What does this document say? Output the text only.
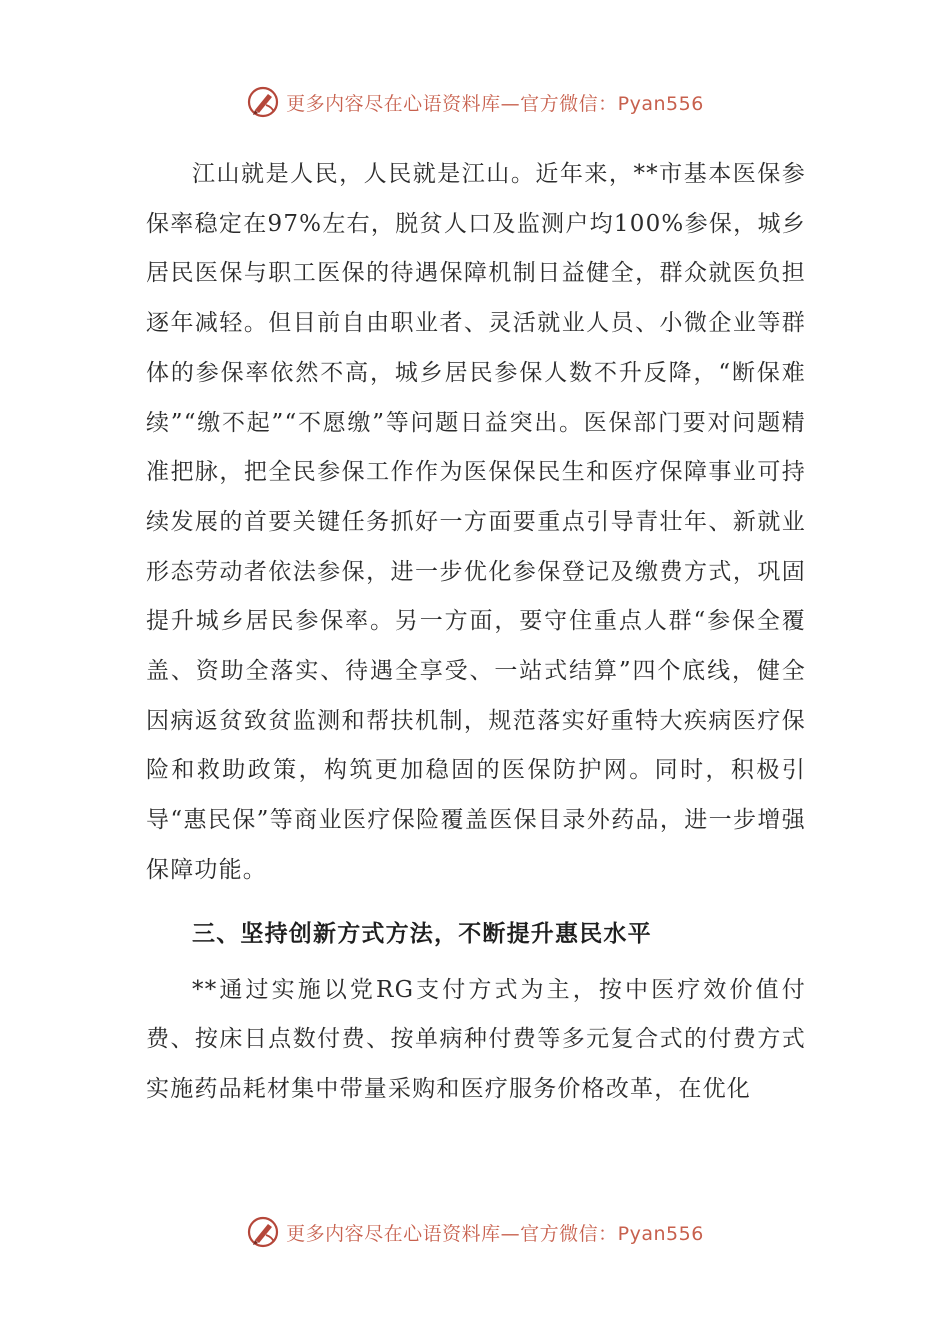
更多内容尽在心语资料库—官方微信：Pyan556

江山就是人民，人民就是江山。近年来，**市基本医保参保率稳定在97%左右，脱贫人口及监测户均100%参保，城乡居民医保与职工医保的待遇保障机制日益健全，群众就医负担逐年减轻。但目前自由职业者、灵活就业人员、小微企业等群体的参保率依然不高，城乡居民参保人数不升反降，“断保难续”“缴不起”“不愿缴”等问题日益突出。医保部门要对问题精准把脉，把全民参保工作作为医保保民生和医疗保障事业可持续发展的首要关键任务抓好一方面要重点引导青壮年、新就业形态劳动者依法参保，进一步优化参保登记及缴费方式，巩固提升城乡居民参保率。另一方面，要守住重点人群“参保全覆盖、资助全落实、待遇全享受、一站式结算”四个底线，健全因病返贫致贫监测和帮扶机制，规范落实好重特大疾病医疗保险和救助政策，构筑更加稳固的医保防护网。同时，积极引导“惠民保”等商业医疗保险覆盖医保目录外药品，进一步增强保障功能。

三、坚持创新方式方法，不断提升惠民水平

**通过实施以党RG支付方式为主，按中医疗效价值付费、按床日点数付费、按单病种付费等多元复合式的付费方式实施药品耗材集中带量采购和医疗服务价格改革，在优化

更多内容尽在心语资料库—官方微信：Pyan556
